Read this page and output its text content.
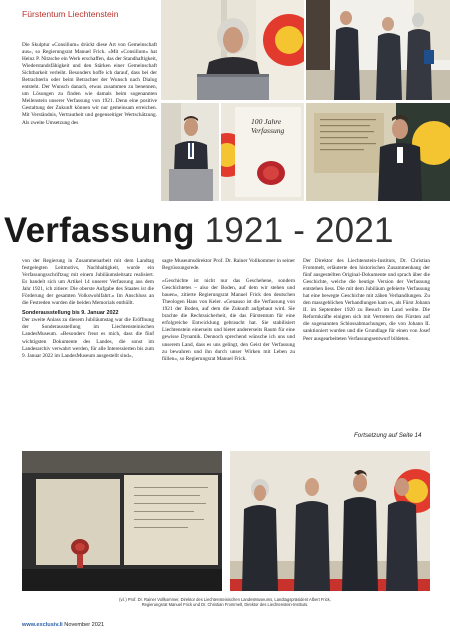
Fürstentum Liechtenstein

Die Skulptur «Consilium» drückt diese Art von Gemeinschaft aus», so Regierungsrat Manuel Frick. «Mit «Consilium» hat Heinz P. Nitzsche ein Werk erschaffen, das der Standhaftigkeit, Wiederstandsfähigkeit und den Stärken einer Gemeinschaft Sichtbarkeit verleiht. Besonders hoffe ich darauf, dass bei der Betrachterin oder beim Betrachter der Wunsch nach Dialog entsteht. Der Wunsch danach, etwas zusammen zu benennen, um Lösungen zu finden wie damals beim sogenannten Meilenstein unserer Verfassung von 1921. Denn eine positive Gestaltung der Zukunft können wir nur gemeinsam erreichen. Mit Verständnis, Vertrautheit und gegenseitiger Wertschätzung. Als zweite Umsetzung des	100 Jahre
Verfassung
Verfassung 1921 - 2021

von der Regierung in Zusammenarbeit mit dem Landtag festgelegten Leitmotivs, Nachhaltigkeit, wurde ein Verfassungsschriftzug mit einem Jubiläumsleitsatz realisiert. Es handelt sich um Artikel 14 unserer Verfassung aus dem Jahr 1921, ich zitiere: Die oberste Aufgabe des Staates ist die Förderung der gesamten Volkswohlfahrt.» Im Anschluss an die Festreden wurden die beiden Memorials enthüllt.

Sonderausstellung bis 9. Januar 2022

Der zweite Anlass zu diesem Jubiläumstag war die Eröffnung der Sonderausstellung im Liechtensteinischen LandesMuseum. «Besonders freut es mich, dass die fünf wichtigsten Dokumente des Landes, die sonst im Landesarchiv verwahrt werden, für alle Interessierten bis zum 9. Januar 2022 im LandesMuseum ausgestellt sind»,

sagte Museumsdirektor Prof. Dr. Rainer Vollkommer in seiner Begrüssungsrede.

«Geschichte ist nicht nur das Geschehene, sondern Geschichtetes – also der Boden, auf dem wir stehen und bauen», zitierte Regierungsrat Manuel Frick den deutschen Theologen Hans von Keler. «Genauso ist die Verfassung von 1921 der Boden, auf dem die Zukunft aufgebaut wird. Sie brachte die Rechtssicherheit, die das Fürstentum für eine erfolgreiche Entwicklung gebraucht hat. Sie stabilisiert Liechtenstein einerseits und bietet andererseits Raum für eine gewisse Dynamik. Dennoch sprechend wünsche ich uns und unserem Land, dass es uns gelingt, den Geist der Verfassung zu bewahren und ihn durch unser Wirken mit Leben zu füllen», so Regierungsrat Manuel Frick.

Der Direktor des Liechtenstein-Instituts, Dr. Christian Frommelt, erläuterte den historischen Zusammenhang der fünf ausgestellten Original-Dokumente und sprach über die Geschichte, welche die heutige Version der Verfassung entstehen liess. Die mit dem Jubiläum gefeierte Verfassung hat eine bewegte Geschichte mit zähen Verhandlungen. Zu den massgeblichen Verhandlungen kam es, als Fürst Johann II. im September 1920 zu Besuch im Land weilte. Die Reformkräfte einigten sich mit Vertretern des Fürsten auf die sogenannten Schlossabmachungen, die von Johann II. sanktioniert wurden und die Grundlage für einen von Josef Peer ausgearbeiteten Verfassungsentwurf bildeten.

Fortsetzung auf Seite 14
(v.l.) Prof. Dr. Rainer Vollkommer, Direktor des Liechtensteinischen LandesMuseums, Landtagspräsident Albert Frick,
Regierungsrat Manuel Frick und Dr. Christian Frommelt, Direktor des Liechtenstein-Instituts.
www.exclusiv.li November 2021
